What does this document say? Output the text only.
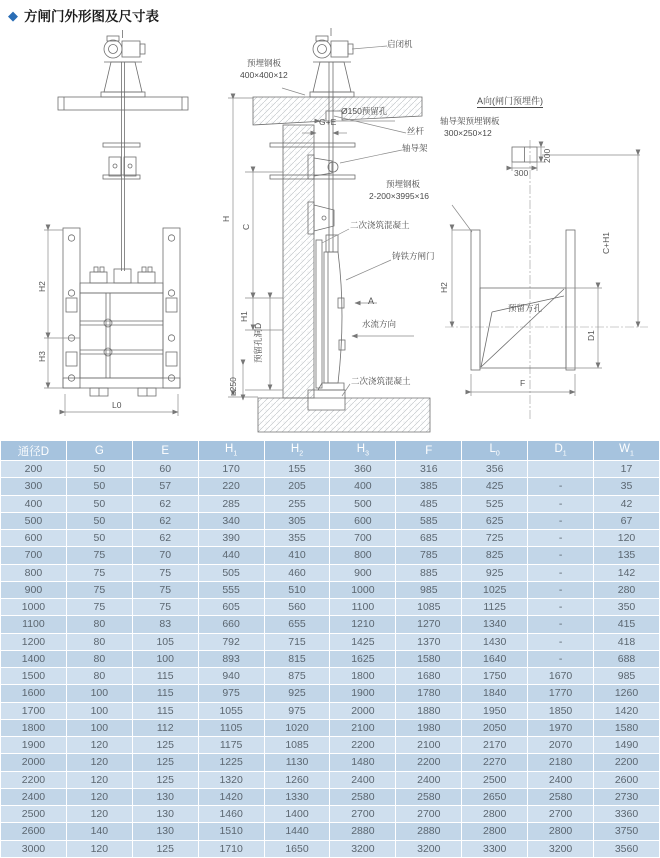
◆ 方闸门外形图及尺寸表
H2
H3
L0
启闭机
预埋钢板
400×400×12
Ø150预留孔
G+E
丝杆
轴导架
预埋钢板
2-200×3995×16
二次浇筑混凝土
铸铁方闸门
A
水流方向
二次浇筑混凝土
H
C
H1
预留孔洞D
≥250
A向(闸门预埋件)
轴导架预埋钢板
300×250×12
300
200
H2
C+H1
D1
F
预留方孔
通径D	G	E	$H_1$	$H_2$	$H_3$	F	$L_0$	$D_1$	$W_1$
200	50	60	170	155	360	316	356		17
300	50	57	220	205	400	385	425	-	35
400	50	62	285	255	500	485	525	-	42
500	50	62	340	305	600	585	625	-	67
600	50	62	390	355	700	685	725	-	120
700	75	70	440	410	800	785	825	-	135
800	75	75	505	460	900	885	925	-	142
900	75	75	555	510	1000	985	1025	-	280
1000	75	75	605	560	1100	1085	1125	-	350
1100	80	83	660	655	1210	1270	1340	-	415
1200	80	105	792	715	1425	1370	1430	-	418
1400	80	100	893	815	1625	1580	1640	-	688
1500	80	115	940	875	1800	1680	1750	1670	985
1600	100	115	975	925	1900	1780	1840	1770	1260
1700	100	115	1055	975	2000	1880	1950	1850	1420
1800	100	112	1105	1020	2100	1980	2050	1970	1580
1900	120	125	1175	1085	2200	2100	2170	2070	1490
2000	120	125	1225	1130	1480	2200	2270	2180	2200
2200	120	125	1320	1260	2400	2400	2500	2400	2600
2400	120	130	1420	1330	2580	2580	2650	2580	2730
2500	120	130	1460	1400	2700	2700	2800	2700	3360
2600	140	130	1510	1440	2880	2880	2800	2800	3750
3000	120	125	1710	1650	3200	3200	3300	3200	3560
